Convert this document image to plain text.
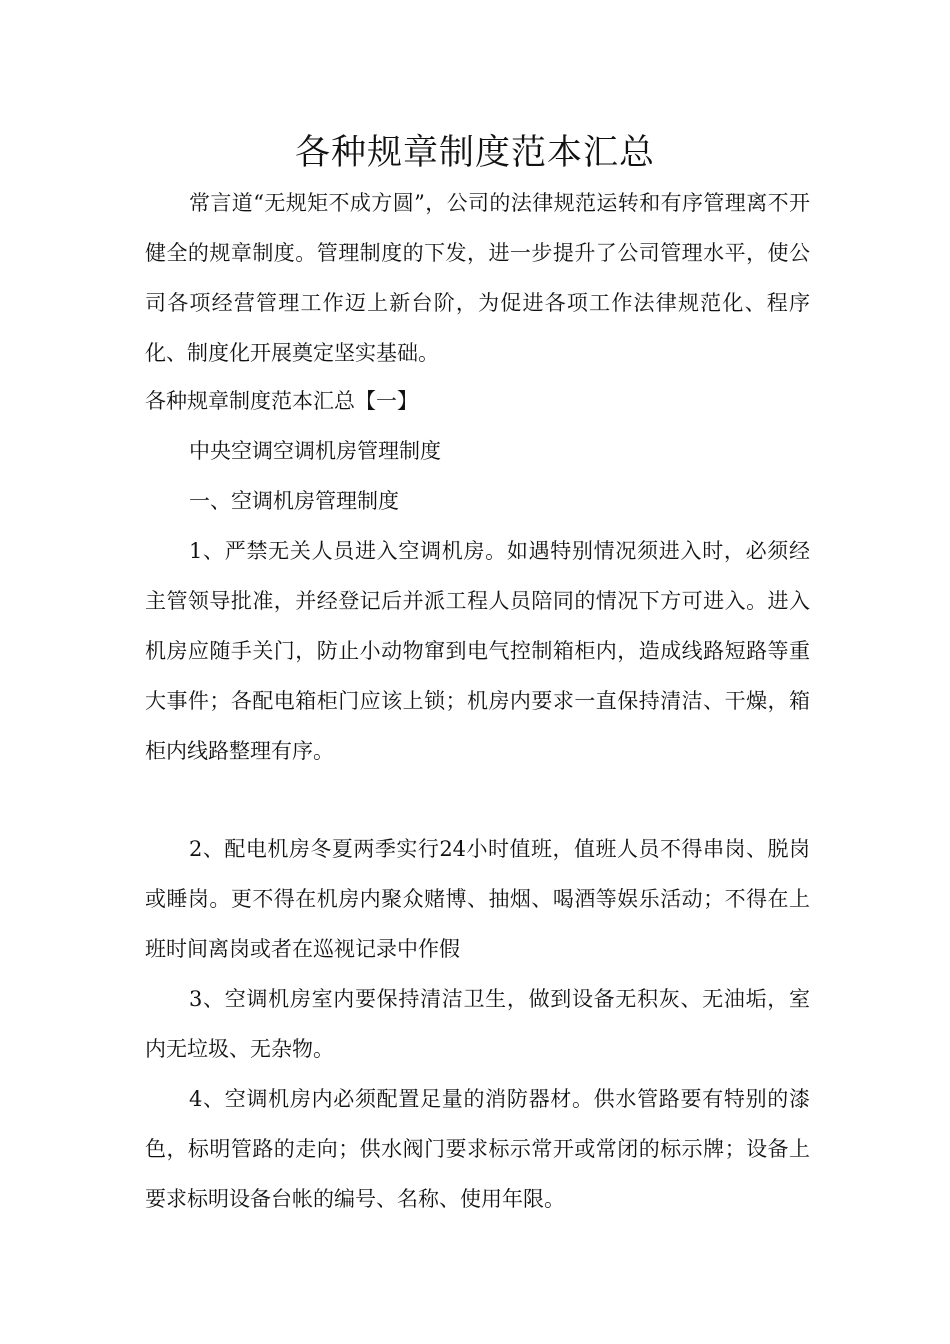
各种规章制度范本汇总

常言道“无规矩不成方圆”，公司的法律规范运转和有序管理离不开健全的规章制度。管理制度的下发，进一步提升了公司管理水平，使公司各项经营管理工作迈上新台阶，为促进各项工作法律规范化、程序化、制度化开展奠定坚实基础。

各种规章制度范本汇总【一】

中央空调空调机房管理制度

一、空调机房管理制度

1、严禁无关人员进入空调机房。如遇特别情况须进入时，必须经主管领导批准，并经登记后并派工程人员陪同的情况下方可进入。进入机房应随手关门，防止小动物窜到电气控制箱柜内，造成线路短路等重大事件；各配电箱柜门应该上锁；机房内要求一直保持清洁、干燥，箱柜内线路整理有序。

2、配电机房冬夏两季实行24小时值班，值班人员不得串岗、脱岗或睡岗。更不得在机房内聚众赌博、抽烟、喝酒等娱乐活动；不得在上班时间离岗或者在巡视记录中作假

3、空调机房室内要保持清洁卫生，做到设备无积灰、无油垢，室内无垃圾、无杂物。

4、空调机房内必须配置足量的消防器材。供水管路要有特别的漆色，标明管路的走向；供水阀门要求标示常开或常闭的标示牌；设备上要求标明设备台帐的编号、名称、使用年限。
